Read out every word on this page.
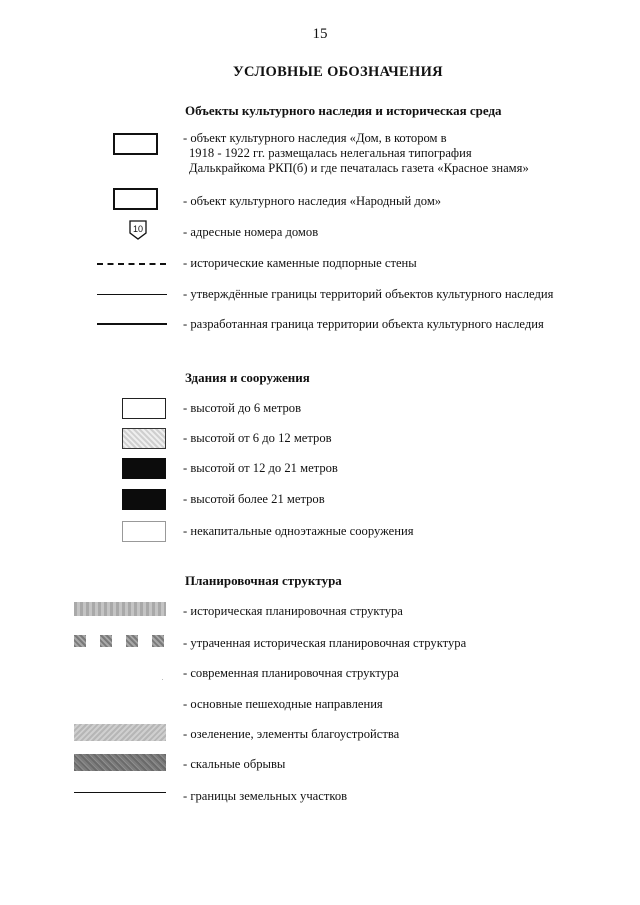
15
УСЛОВНЫЕ ОБОЗНАЧЕНИЯ
Объекты культурного наследия и историческая среда
- объект культурного наследия «Дом, в котором в
1918 - 1922 гг. размещалась нелегальная типография
Далькрайкома РКП(б) и где печаталась газета «Красное знамя»
- объект культурного наследия «Народный дом»
10	- адресные номера домов
- исторические каменные подпорные стены
- утверждённые границы территорий объектов культурного наследия
- разработанная граница территории объекта культурного наследия
Здания и сооружения
- высотой до 6 метров
- высотой от 6 до 12 метров
- высотой от 12 до 21 метров
- высотой более 21 метров
- некапитальные одноэтажные сооружения
Планировочная структура
- историческая планировочная структура
- утраченная историческая планировочная структура
- современная планировочная структура
- основные пешеходные направления
- озеленение, элементы благоустройства
- скальные обрывы
- границы земельных участков
